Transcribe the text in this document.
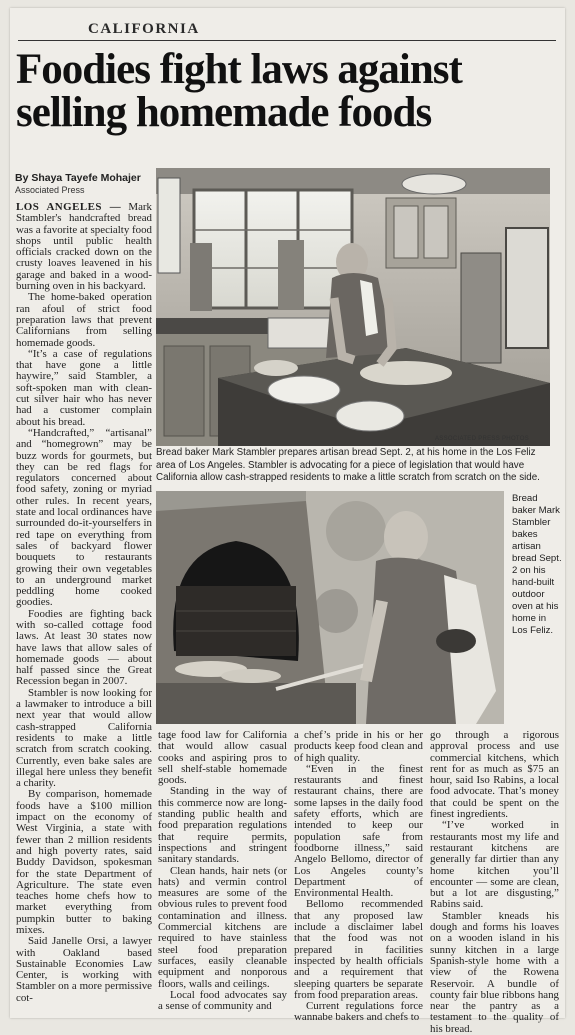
CALIFORNIA
Foodies fight laws against selling homemade foods
By Shaya Tayefe Mohajer
Associated Press

LOS ANGELES — Mark Stambler's handcrafted bread was a favorite at specialty food shops until public health officials cracked down on the crusty loaves leavened in his garage and baked in a wood-burning oven in his backyard.

The home-baked operation ran afoul of strict food preparation laws that prevent Californians from selling homemade goods.

“It’s a case of regulations that have gone a little haywire,” said Stambler, a soft-spoken man with clean-cut silver hair who has never had a customer complain about his bread.

“Handcrafted,” “artisanal” and “homegrown” may be buzz words for gourmets, but they can be red flags for regulators concerned about food safety, zoning or myriad other rules. In recent years, state and local ordinances have surrounded do-it-yourselfers in red tape on everything from sales of backyard flower bouquets to restaurants growing their own vegetables to an underground market peddling home cooked goodies.

Foodies are fighting back with so-called cottage food laws. At least 30 states now have laws that allow sales of homemade goods — about half passed since the Great Recession began in 2007.

Stambler is now looking for a lawmaker to introduce a bill next year that would allow cash-strapped California residents to make a little scratch from scratch cooking. Currently, even bake sales are illegal here unless they benefit a charity.

By comparison, homemade foods have a $100 million impact on the economy of West Virginia, a state with fewer than 2 million residents and high poverty rates, said Buddy Davidson, spokesman for the state Department of Agriculture. The state even teaches home chefs how to market everything from pumpkin butter to baking mixes.

Said Janelle Orsi, a lawyer with Oakland based Sustainable Economies Law Center, is working with Stambler on a more permissive cot-

ASSOCIATED PRESS PHOTOS
Bread baker Mark Stambler prepares artisan bread Sept. 2, at his home in the Los Feliz area of Los Angeles. Stambler is advocating for a piece of legislation that would have California allow cash-strapped residents to make a little scratch from scratch on the side.
Bread baker Mark Stambler bakes artisan bread Sept. 2 on his hand-built outdoor oven at his home in Los Feliz.

tage food law for California that would allow casual cooks and aspiring pros to sell shelf-stable homemade goods.

Standing in the way of this commerce now are long-standing public health and food preparation regulations that require permits, inspections and stringent sanitary standards.

Clean hands, hair nets (or hats) and vermin control measures are some of the obvious rules to prevent food contamination and illness. Commercial kitchens are required to have stainless steel food preparation surfaces, easily cleanable equipment and nonporous floors, walls and ceilings.

Local food advocates say a sense of community and

a chef’s pride in his or her products keep food clean and of high quality.

“Even in the finest restaurants and finest restaurant chains, there are some lapses in the daily food safety efforts, which are intended to keep our population safe from foodborne illness,” said Angelo Bellomo, director of Los Angeles county’s Department of Environmental Health.

Bellomo recommended that any proposed law include a disclaimer label that the food was not prepared in facilities inspected by health officials and a requirement that sleeping quarters be separate from food preparation areas.

Current regulations force wannabe bakers and chefs to

go through a rigorous approval process and use commercial kitchens, which rent for as much as $75 an hour, said Iso Rabins, a local food advocate. That’s money that could be spent on the finest ingredients.

“I’ve worked in restaurants most my life and restaurant kitchens are generally far dirtier than any home kitchen you’ll encounter — some are clean, but a lot are disgusting,” Rabins said.

Stambler kneads his dough and forms his loaves on a wooden island in his sunny kitchen in a large Spanish-style home with a view of the Rowena Reservoir. A bundle of county fair blue ribbons hang near the pantry as a testament to the quality of his bread.
